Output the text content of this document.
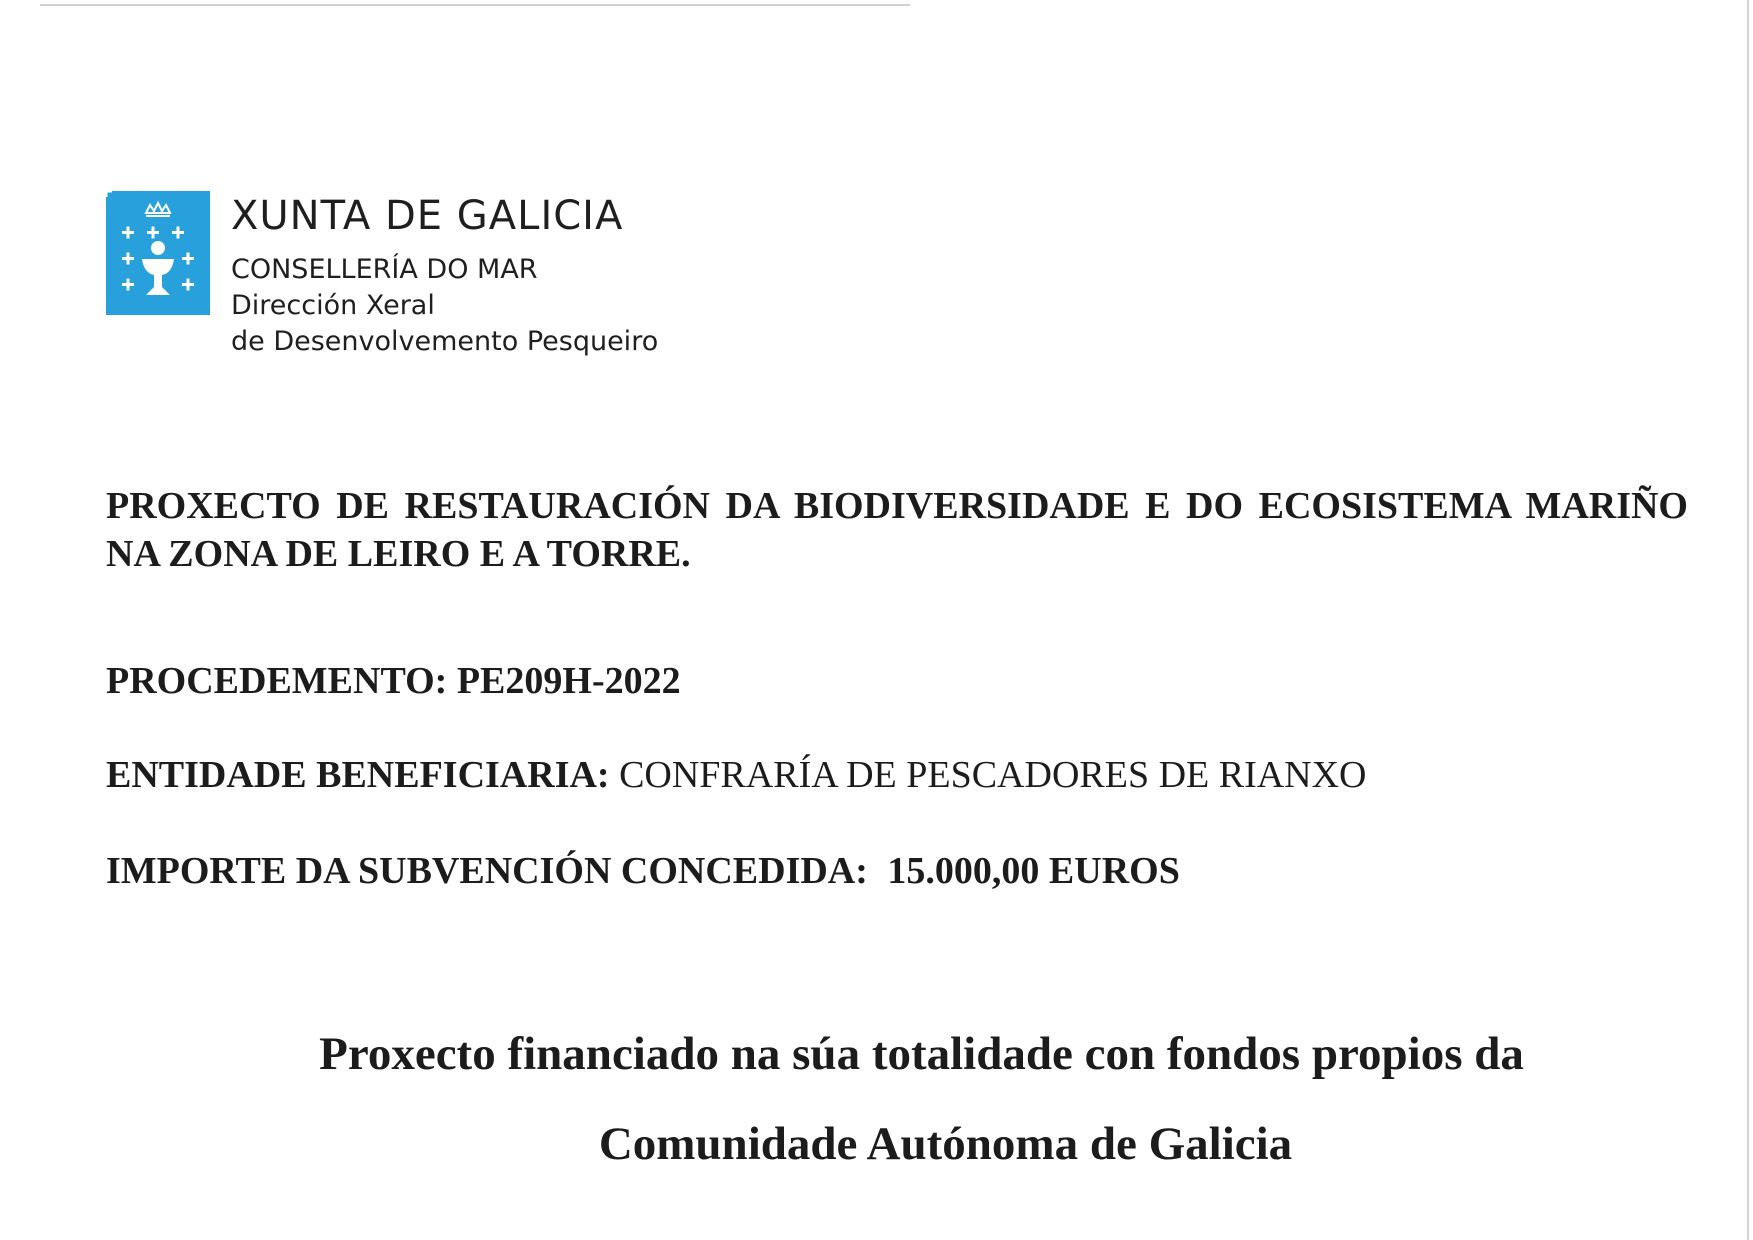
XUNTA DE GALICIA

CONSELLERÍA DO MAR

Dirección Xeral

de Desenvolvemento Pesqueiro

PROXECTO DE RESTAURACIÓN DA BIODIVERSIDADE E DO ECOSISTEMA MARIÑO NA ZONA DE LEIRO E A TORRE.

PROCEDEMENTO: PE209H-2022

ENTIDADE BENEFICIARIA: CONFRARÍA DE PESCADORES DE RIANXO

IMPORTE DA SUBVENCIÓN CONCEDIDA: 15.000,00 EUROS

Proxecto financiado na súa totalidade con fondos propios da

Comunidade Autónoma de Galicia
